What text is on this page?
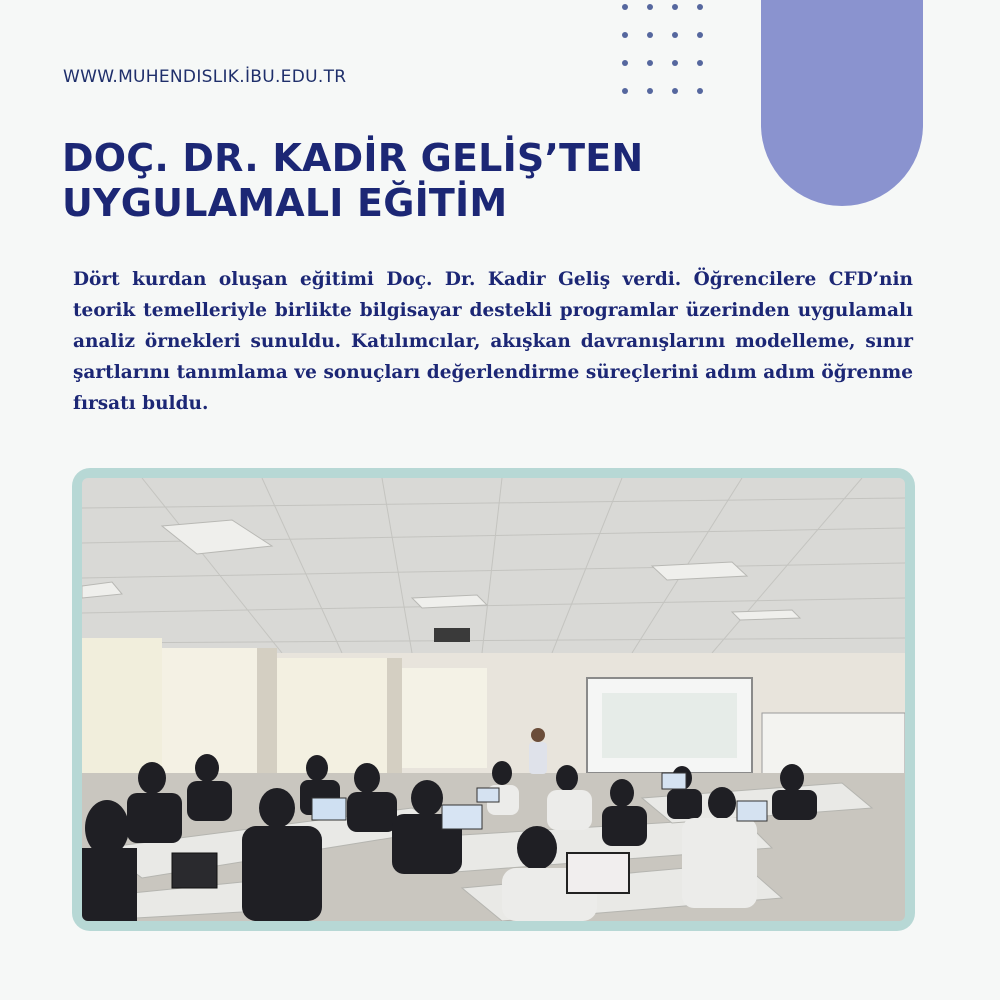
WWW.MUHENDISLIK.İBU.EDU.TR
DOÇ. DR. KADİR GELİŞ’TEN
UYGULAMALI EĞİTİM
Dört kurdan oluşan eğitimi Doç. Dr. Kadir Geliş verdi. Öğrencilere CFD’nin teorik temelleriyle birlikte bilgisayar destekli programlar üzerinden uygulamalı analiz örnekleri sunuldu. Katılımcılar, akışkan davranışlarını modelleme, sınır şartlarını tanımlama ve sonuçları değerlendirme süreçlerini adım adım öğrenme fırsatı buldu.
